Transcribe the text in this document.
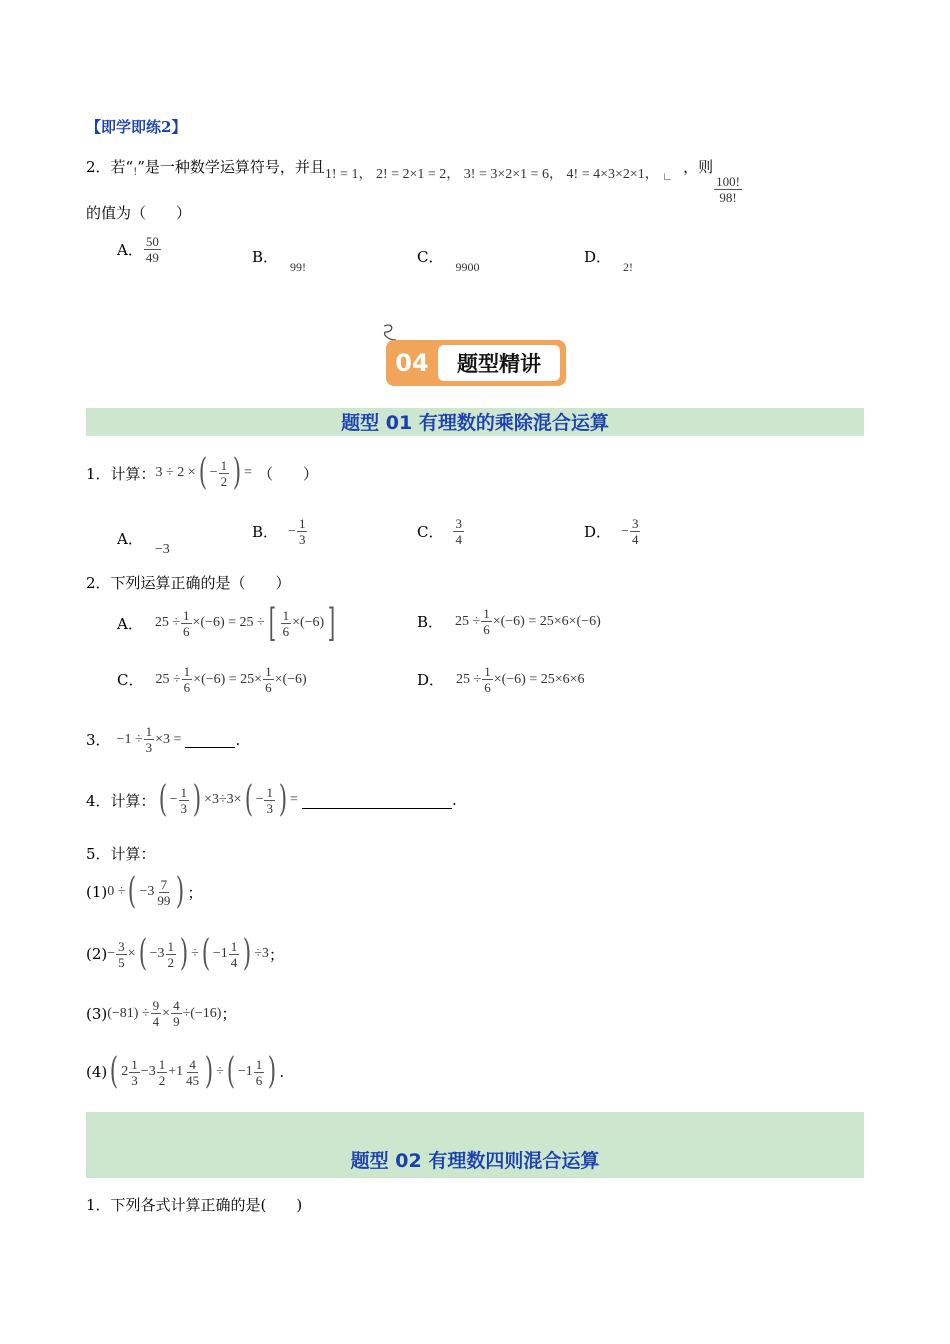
【即学即练2】
2．若“$_!$”是一种数学运算符号，并且1! = 1， 2! = 2×1 = 2， 3! = 3×2×1 = 6， 4! = 4×3×2×1， $_∟$，则
$\frac{100!}{98!}$
的值为（　　）
A． $\frac{50}{49}$	B．$_{99!}$
C．$_{9900}$
D．$_{2!}$
04	题型精讲
题型 01 有理数的乘除混合运算
1．计算： 3 ÷ 2 × ( − $\frac{1}{2}$ ) = （　　）
A．−3
B． − $\frac{1}{3}$	C． $\frac{3}{4}$	D． − $\frac{3}{4}$
2．下列运算正确的是（　　）
A． $25 \div \frac{1}{6} \times(-6) = 25$ ÷ [ $\frac{1}{6} \times(-6)$ ]	B． $25 \div \frac{1}{6} \times(-6) = 25\times 6\times(-6)$
C． $25 \div \frac{1}{6} \times(-6) = 25\times \frac{1}{6} \times(-6)$	D． $25 \div \frac{1}{6} \times(-6) = 25\times 6\times 6$
3． $-1 \div \frac{1}{3} \times 3$ =	.
4．计算： ( − $\frac{1}{3}$ ) ×3÷3× ( − $\frac{1}{3}$ ) =	.
5．计算：
(1) 0 ÷ ( $-3 \frac{7}{99}$ ) ；
$(2) - \frac{3}{5}$ × ( $-3 \frac{1}{2}$ ) ÷ ( $-1 \frac{1}{4}$ ) ÷3 ；
(3) $(-81) \div \frac{9}{4} \times \frac{4}{9} \div(-16)$ ；
(4) ( $2 \frac{1}{3} -3 \frac{1}{2} +1 \frac{4}{45}$ ) ÷ ( $-1 \frac{1}{6}$ ) .
题型 02 有理数四则混合运算
1．下列各式计算正确的是(　　)
